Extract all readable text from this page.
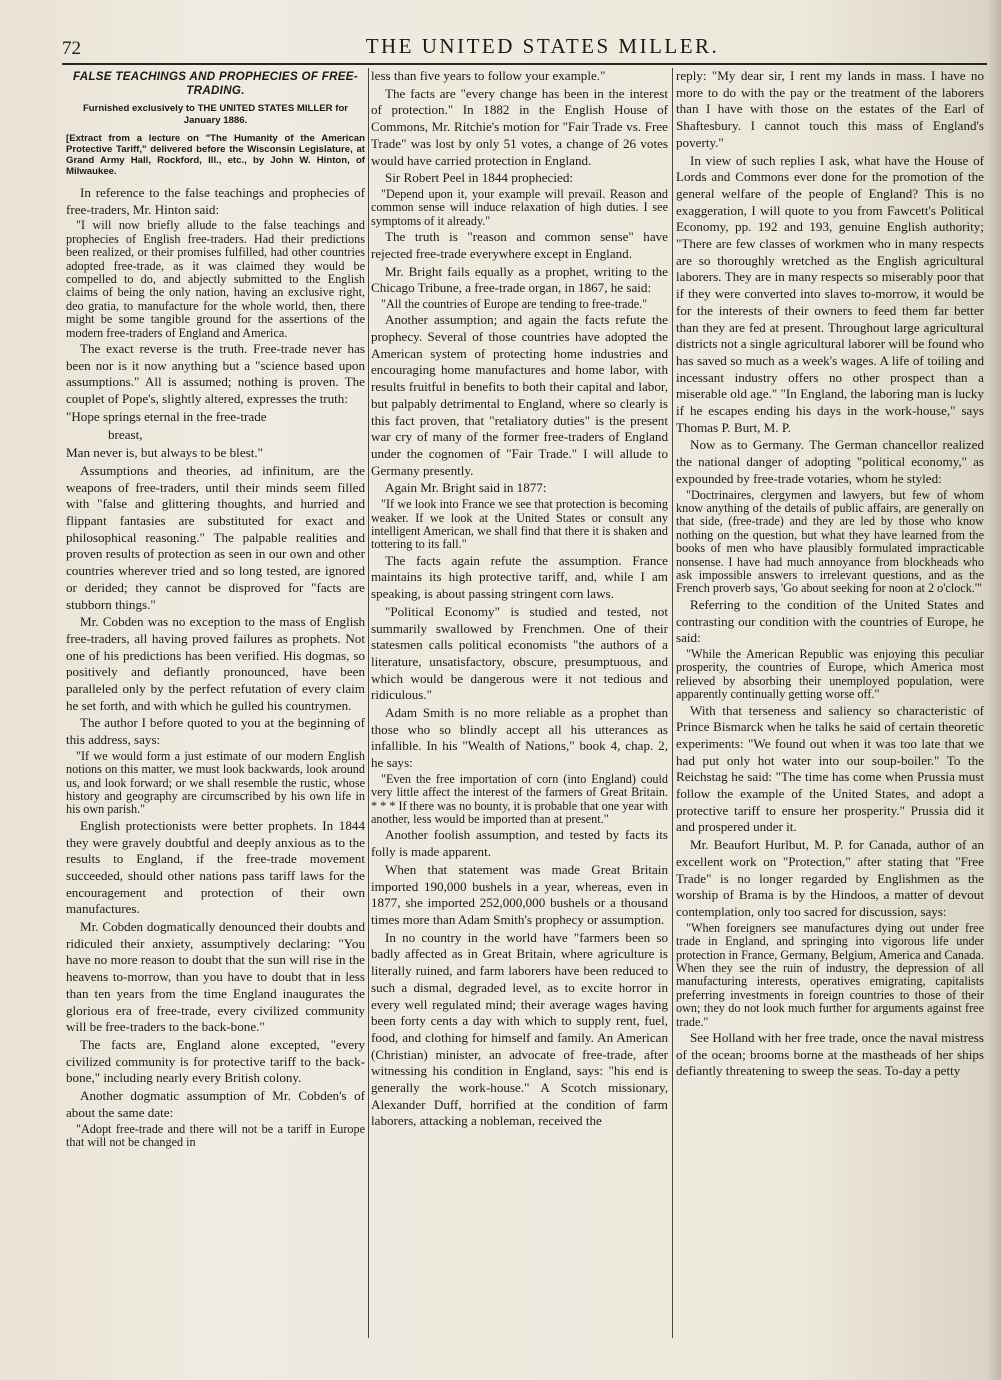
72	THE UNITED STATES MILLER.
FALSE TEACHINGS AND PROPHECIES OF FREE-TRADING.
Furnished exclusively to THE UNITED STATES MILLER for January 1886.
[Extract from a lecture on "The Humanity of the American Protective Tariff," delivered before the Wisconsin Legislature, at Grand Army Hall, Rockford, Ill., etc., by John W. Hinton, of Milwaukee.

In reference to the false teachings and prophecies of free-traders, Mr. Hinton said:

"I will now briefly allude to the false teachings and prophecies of English free-traders. Had their predictions been realized, or their promises fulfilled, had other countries adopted free-trade, as it was claimed they would be compelled to do, and abjectly submitted to the English claims of being the only nation, having an exclusive right, deo gratia, to manufacture for the whole world, then, there might be some tangible ground for the assertions of the modern free-traders of England and America.

The exact reverse is the truth. Free-trade never has been nor is it now anything but a "science based upon assumptions." All is assumed; nothing is proven. The couplet of Pope's, slightly altered, expresses the truth:

"Hope springs eternal in the free-trade

breast,

Man never is, but always to be blest."

Assumptions and theories, ad infinitum, are the weapons of free-traders, until their minds seem filled with "false and glittering thoughts, and hurried and flippant fantasies are substituted for exact and philosophical reasoning." The palpable realities and proven results of protection as seen in our own and other countries wherever tried and so long tested, are ignored or derided; they cannot be disproved for "facts are stubborn things."

Mr. Cobden was no exception to the mass of English free-traders, all having proved failures as prophets. Not one of his predictions has been verified. His dogmas, so positively and defiantly pronounced, have been paralleled only by the perfect refutation of every claim he set forth, and with which he gulled his countrymen.

The author I before quoted to you at the beginning of this address, says:

"If we would form a just estimate of our modern English notions on this matter, we must look backwards, look around us, and look forward; or we shall resemble the rustic, whose history and geography are circumscribed by his own life in his own parish."

English protectionists were better prophets. In 1844 they were gravely doubtful and deeply anxious as to the results to England, if the free-trade movement succeeded, should other nations pass tariff laws for the encouragement and protection of their own manufactures.

Mr. Cobden dogmatically denounced their doubts and ridiculed their anxiety, assumptively declaring: "You have no more reason to doubt that the sun will rise in the heavens to-morrow, than you have to doubt that in less than ten years from the time England inaugurates the glorious era of free-trade, every civilized community will be free-traders to the back-bone."

The facts are, England alone excepted, "every civilized community is for protective tariff to the back-bone," including nearly every British colony.

Another dogmatic assumption of Mr. Cobden's of about the same date:

"Adopt free-trade and there will not be a tariff in Europe that will not be changed in

less than five years to follow your example."

The facts are "every change has been in the interest of protection." In 1882 in the English House of Commons, Mr. Ritchie's motion for "Fair Trade vs. Free Trade" was lost by only 51 votes, a change of 26 votes would have carried protection in England.

Sir Robert Peel in 1844 prophecied:

"Depend upon it, your example will prevail. Reason and common sense will induce relaxation of high duties. I see symptoms of it already."

The truth is "reason and common sense" have rejected free-trade everywhere except in England.

Mr. Bright fails equally as a prophet, writing to the Chicago Tribune, a free-trade organ, in 1867, he said:

"All the countries of Europe are tending to free-trade."

Another assumption; and again the facts refute the prophecy. Several of those countries have adopted the American system of protecting home industries and encouraging home manufactures and home labor, with results fruitful in benefits to both their capital and labor, but palpably detrimental to England, where so clearly is this fact proven, that "retaliatory duties" is the present war cry of many of the former free-traders of England under the cognomen of "Fair Trade." I will allude to Germany presently.

Again Mr. Bright said in 1877:

"If we look into France we see that protection is becoming weaker. If we look at the United States or consult any intelligent American, we shall find that there it is shaken and tottering to its fall."

The facts again refute the assumption. France maintains its high protective tariff, and, while I am speaking, is about passing stringent corn laws.

"Political Economy" is studied and tested, not summarily swallowed by Frenchmen. One of their statesmen calls political economists "the authors of a literature, unsatisfactory, obscure, presumptuous, and which would be dangerous were it not tedious and ridiculous."

Adam Smith is no more reliable as a prophet than those who so blindly accept all his utterances as infallible. In his "Wealth of Nations," book 4, chap. 2, he says:

"Even the free importation of corn (into England) could very little affect the interest of the farmers of Great Britain. * * * If there was no bounty, it is probable that one year with another, less would be imported than at present."

Another foolish assumption, and tested by facts its folly is made apparent.

When that statement was made Great Britain imported 190,000 bushels in a year, whereas, even in 1877, she imported 252,000,000 bushels or a thousand times more than Adam Smith's prophecy or assumption.

In no country in the world have "farmers been so badly affected as in Great Britain, where agriculture is literally ruined, and farm laborers have been reduced to such a dismal, degraded level, as to excite horror in every well regulated mind; their average wages having been forty cents a day with which to supply rent, fuel, food, and clothing for himself and family. An American (Christian) minister, an advocate of free-trade, after witnessing his condition in England, says: "his end is generally the work-house." A Scotch missionary, Alexander Duff, horrified at the condition of farm laborers, attacking a nobleman, received the

reply: "My dear sir, I rent my lands in mass. I have no more to do with the pay or the treatment of the laborers than I have with those on the estates of the Earl of Shaftesbury. I cannot touch this mass of England's poverty."

In view of such replies I ask, what have the House of Lords and Commons ever done for the promotion of the general welfare of the people of England? This is no exaggeration, I will quote to you from Fawcett's Political Economy, pp. 192 and 193, genuine English authority; "There are few classes of workmen who in many respects are so thoroughly wretched as the English agricultural laborers. They are in many respects so miserably poor that if they were converted into slaves to-morrow, it would be for the interests of their owners to feed them far better than they are fed at present. Throughout large agricultural districts not a single agricultural laborer will be found who has saved so much as a week's wages. A life of toiling and incessant industry offers no other prospect than a miserable old age." "In England, the laboring man is lucky if he escapes ending his days in the work-house," says Thomas P. Burt, M. P.

Now as to Germany. The German chancellor realized the national danger of adopting "political economy," as expounded by free-trade votaries, whom he styled:

"Doctrinaires, clergymen and lawyers, but few of whom know anything of the details of public affairs, are generally on that side, (free-trade) and they are led by those who know nothing on the question, but what they have learned from the books of men who have plausibly formulated impracticable nonsense. I have had much annoyance from blockheads who ask impossible answers to irrelevant questions, and as the French proverb says, 'Go about seeking for noon at 2 o'clock.'"

Referring to the condition of the United States and contrasting our condition with the countries of Europe, he said:

"While the American Republic was enjoying this peculiar prosperity, the countries of Europe, which America most relieved by absorbing their unemployed population, were apparently continually getting worse off."

With that terseness and saliency so characteristic of Prince Bismarck when he talks he said of certain theoretic experiments: "We found out when it was too late that we had put only hot water into our soup-boiler." To the Reichstag he said: "The time has come when Prussia must follow the example of the United States, and adopt a protective tariff to ensure her prosperity." Prussia did it and prospered under it.

Mr. Beaufort Hurlbut, M. P. for Canada, author of an excellent work on "Protection," after stating that "Free Trade" is no longer regarded by Englishmen as the worship of Brama is by the Hindoos, a matter of devout contemplation, only too sacred for discussion, says:

"When foreigners see manufactures dying out under free trade in England, and springing into vigorous life under protection in France, Germany, Belgium, America and Canada. When they see the ruin of industry, the depression of all manufacturing interests, operatives emigrating, capitalists preferring investments in foreign countries to those of their own; they do not look much further for arguments against free trade."

See Holland with her free trade, once the naval mistress of the ocean; brooms borne at the mastheads of her ships defiantly threatening to sweep the seas. To-day a petty
